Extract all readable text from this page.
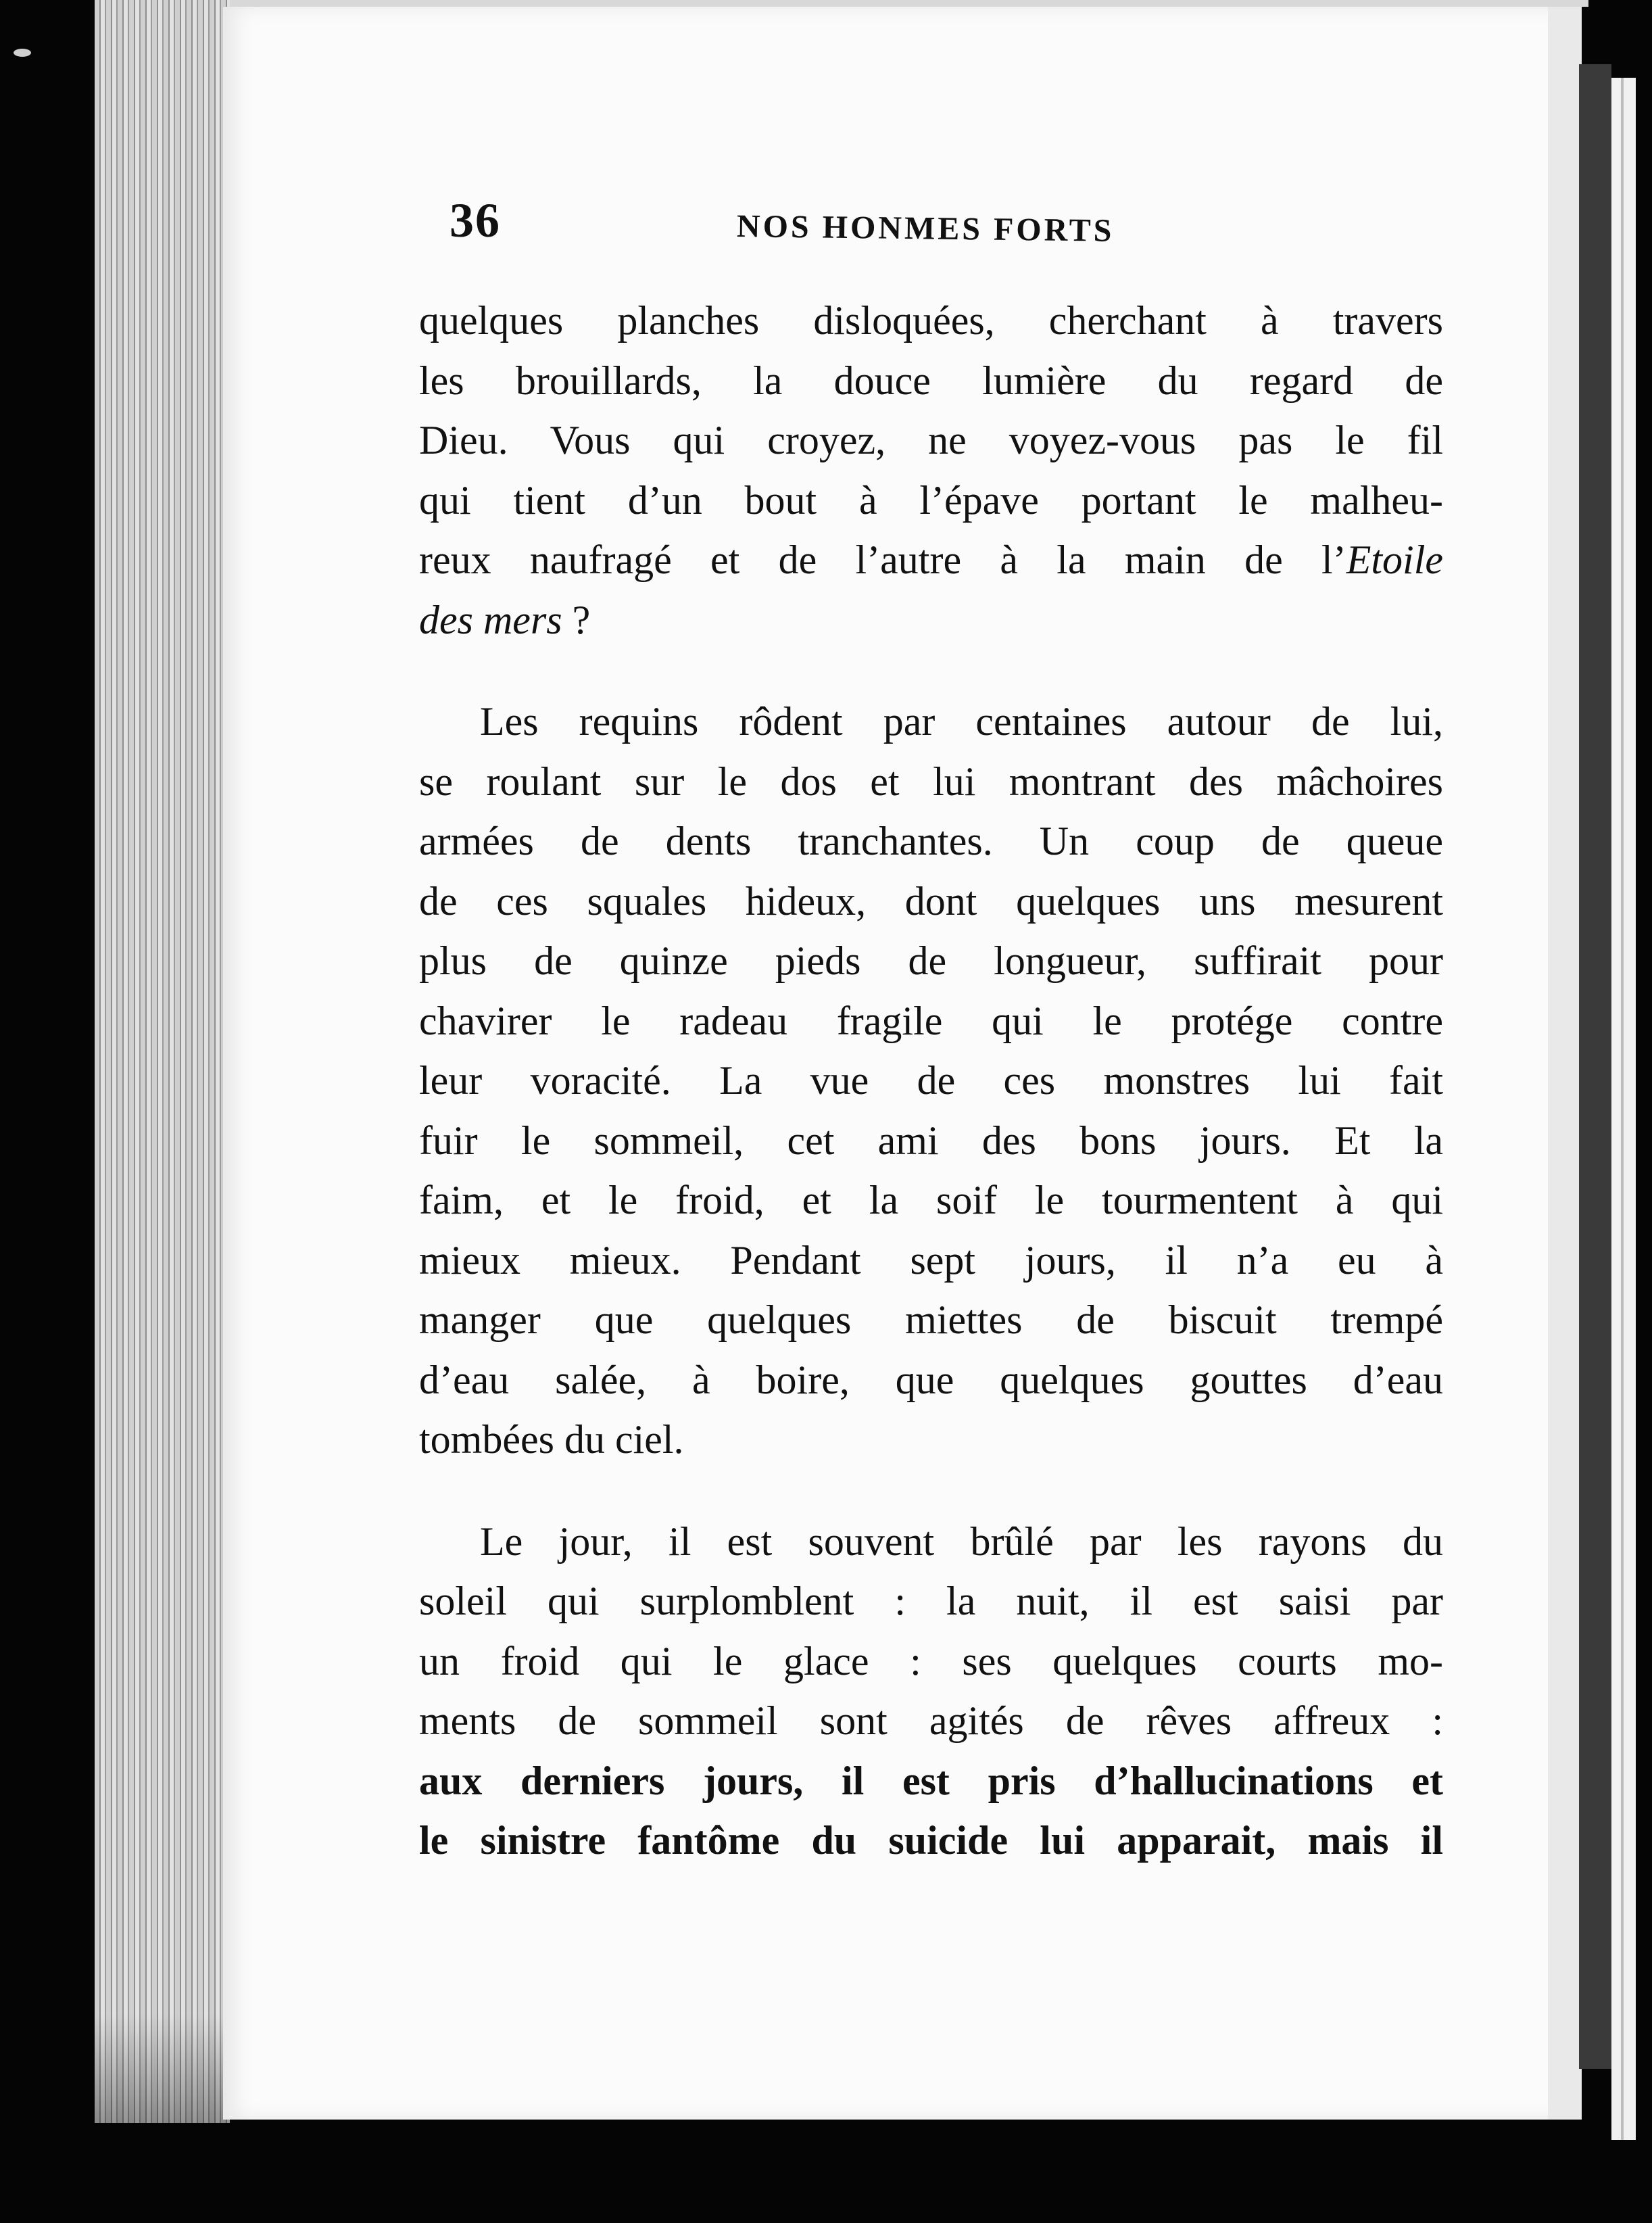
36	NOS HONMES FORTS

quelques planches disloquées, cherchant à travers
les brouillards, la douce lumière du regard de
Dieu. Vous qui croyez, ne voyez-vous pas le fil
qui tient d’un bout à l’épave portant le malheu-
reux naufragé et de l’autre à la main de l’Etoile
des mers ?

Les requins rôdent par centaines autour de lui,
se roulant sur le dos et lui montrant des mâchoires
armées de dents tranchantes. Un coup de queue
de ces squales hideux, dont quelques uns mesurent
plus de quinze pieds de longueur, suffirait pour
chavirer le radeau fragile qui le protége contre
leur voracité. La vue de ces monstres lui fait
fuir le sommeil, cet ami des bons jours. Et la
faim, et le froid, et la soif le tourmentent à qui
mieux mieux. Pendant sept jours, il n’a eu à
manger que quelques miettes de biscuit trempé
d’eau salée, à boire, que quelques gouttes d’eau
tombées du ciel.

Le jour, il est souvent brûlé par les rayons du
soleil qui surplomblent : la nuit, il est saisi par
un froid qui le glace : ses quelques courts mo-
ments de sommeil sont agités de rêves affreux :
aux derniers jours, il est pris d’hallucinations et
le sinistre fantôme du suicide lui apparait, mais il
